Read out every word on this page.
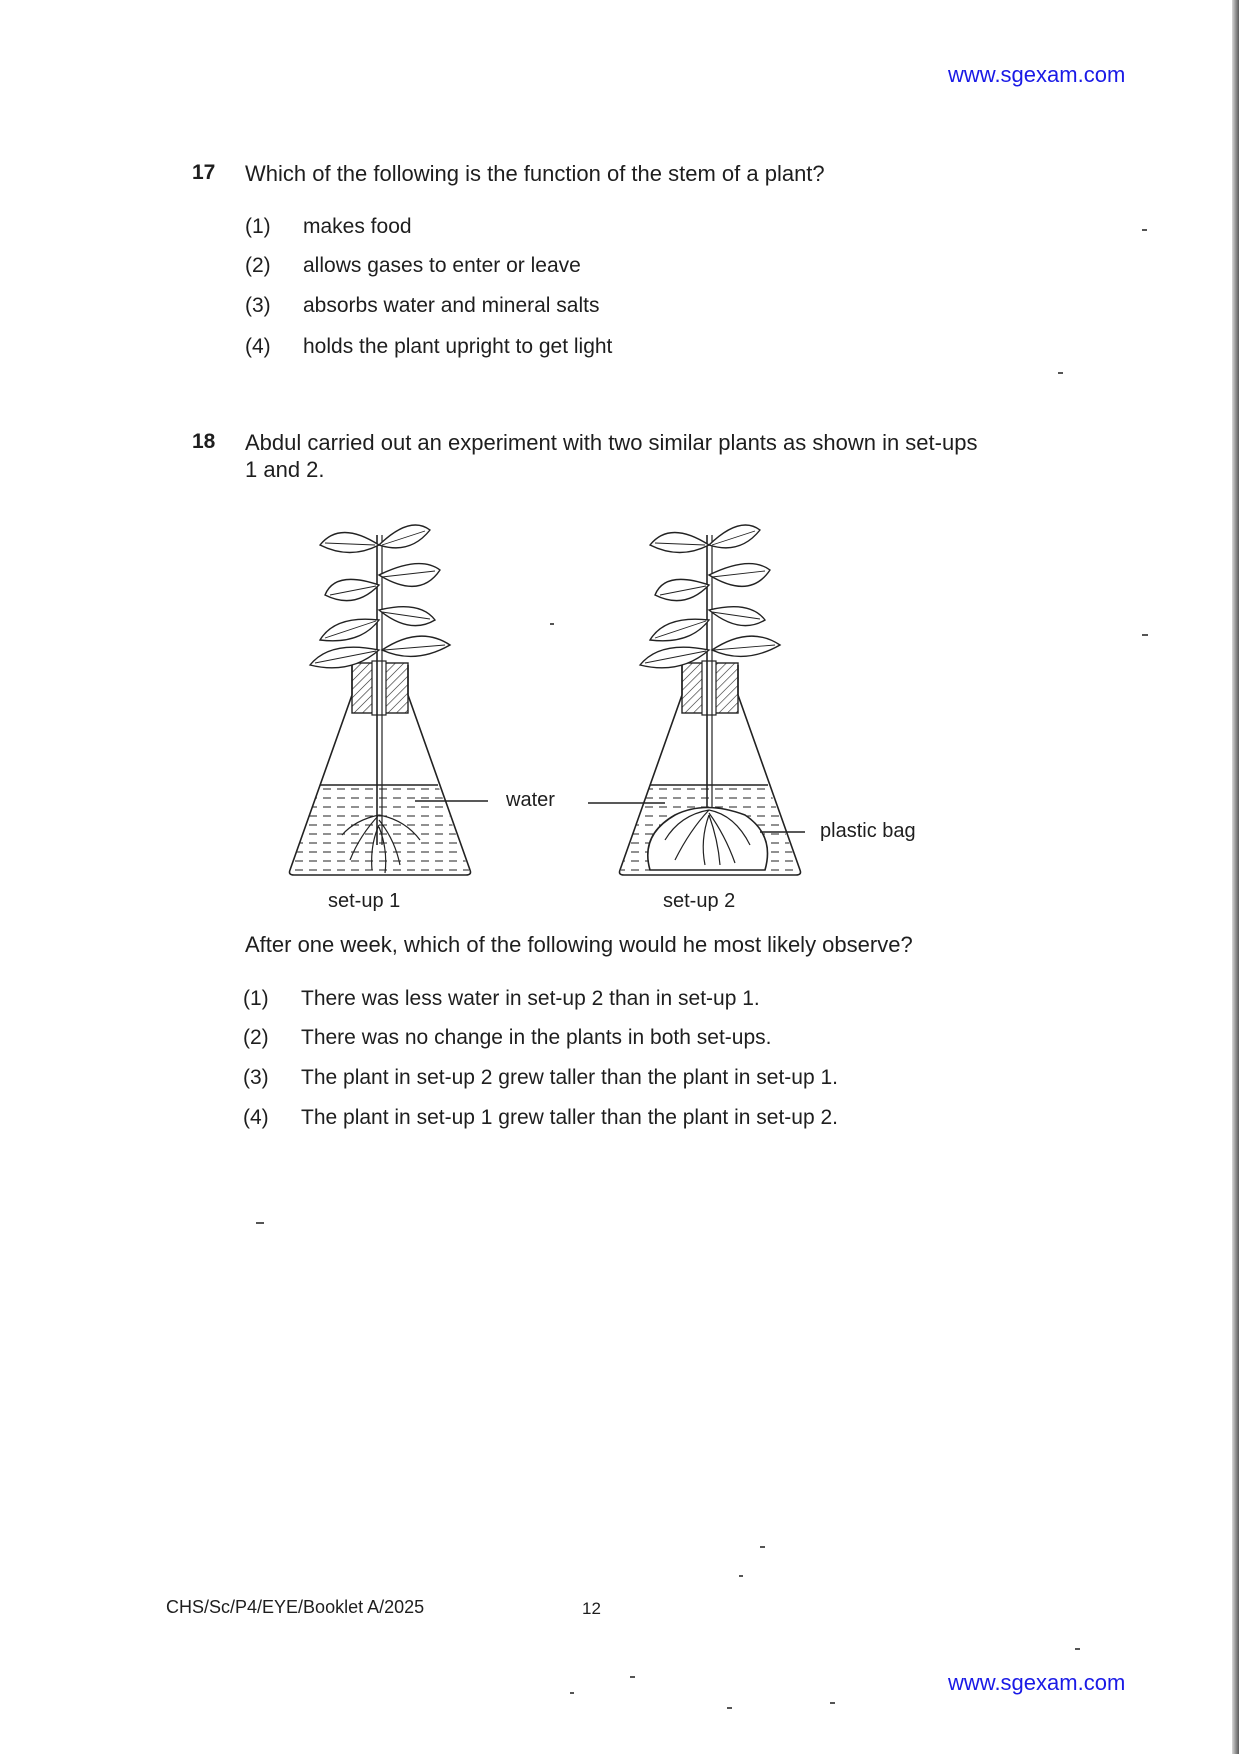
www.sgexam.com
17 Which of the following is the function of the stem of a plant?
(1) makes food
(2) allows gases to enter or leave
(3) absorbs water and mineral salts
(4) holds the plant upright to get light
18 Abdul carried out an experiment with two similar plants as shown in set-ups 1 and 2.
water
plastic bag
set-up 1	set-up 2
After one week, which of the following would he most likely observe?
(1) There was less water in set-up 2 than in set-up 1.
(2) There was no change in the plants in both set-ups.
(3) The plant in set-up 2 grew taller than the plant in set-up 1.
(4) The plant in set-up 1 grew taller than the plant in set-up 2.
CHS/Sc/P4/EYE/Booklet A/2025	12
www.sgexam.com
